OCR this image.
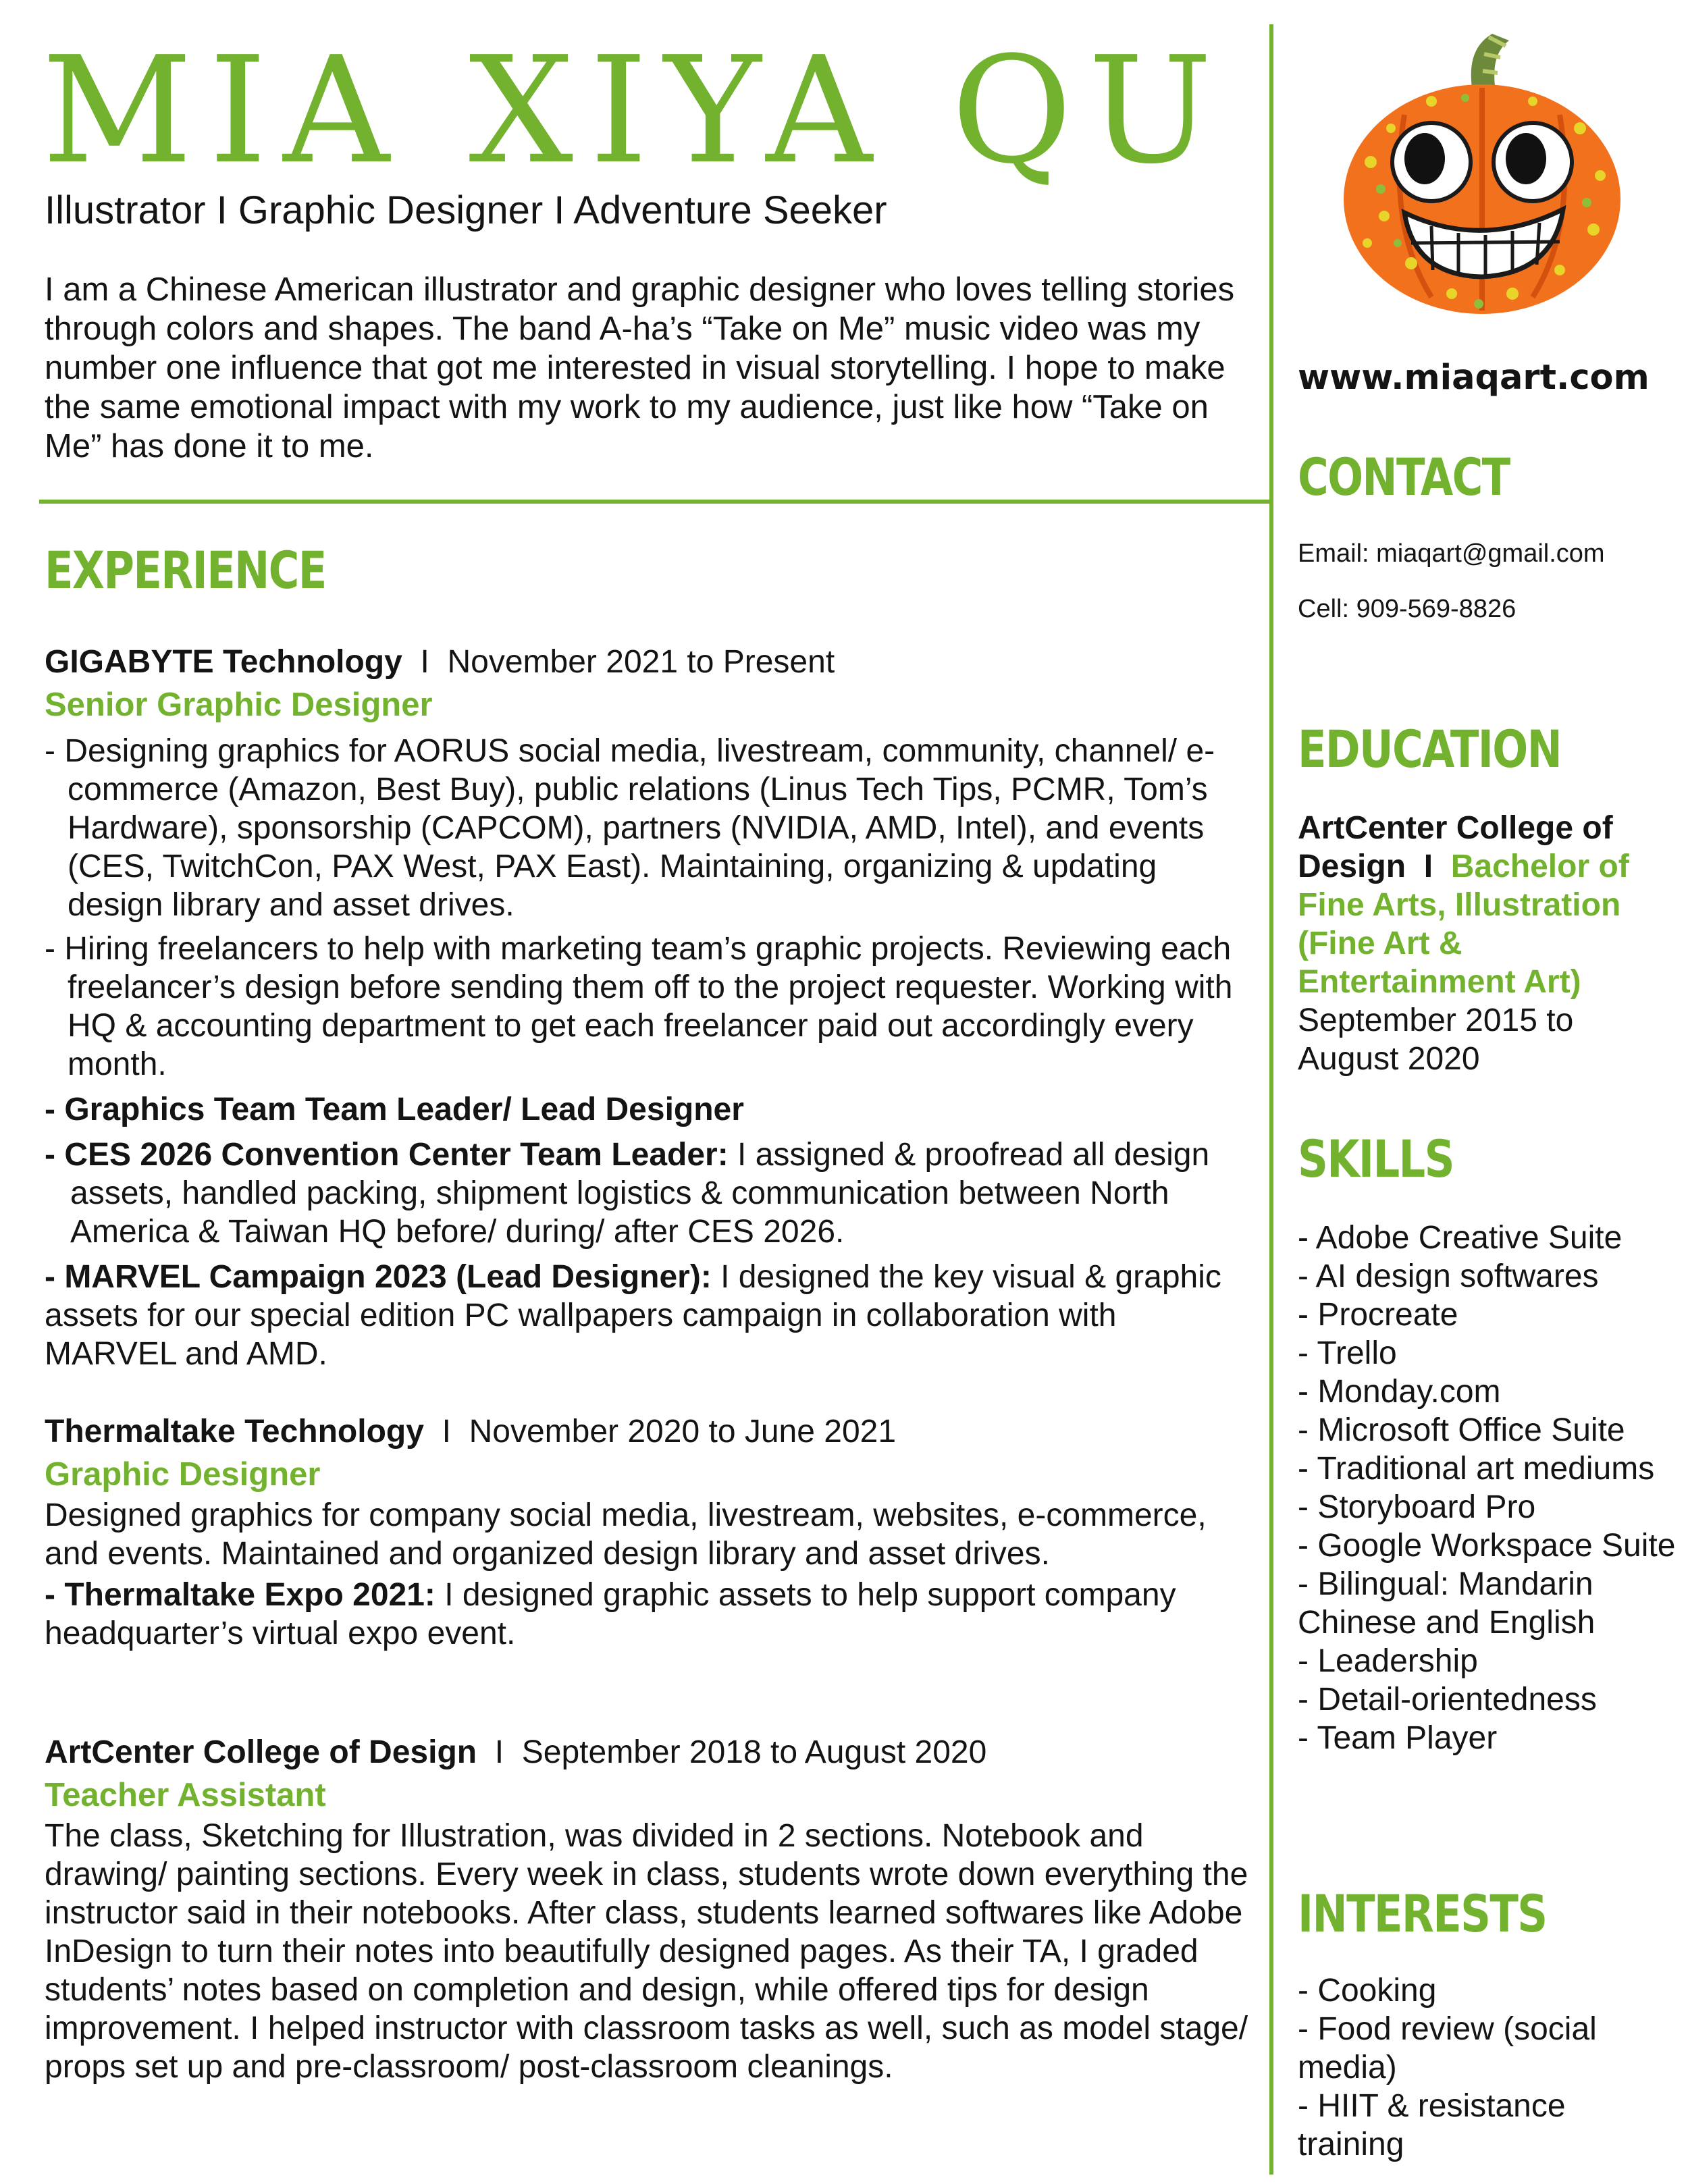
MIA XIYA QU
Illustrator I Graphic Designer I Adventure Seeker

I am a Chinese American illustrator and graphic designer who loves telling stories through colors and shapes. The band A-ha’s “Take on Me” music video was my number one influence that got me interested in visual storytelling. I hope to make the same emotional impact with my work to my audience, just like how “Take on Me” has done it to me.

EXPERIENCE
GIGABYTE Technology  I  November 2021 to Present
Senior Graphic Designer

- Designing graphics for AORUS social media, livestream, community, channel/ e-commerce (Amazon, Best Buy), public relations (Linus Tech Tips, PCMR, Tom’s Hardware), sponsorship (CAPCOM), partners (NVIDIA, AMD, Intel), and events (CES, TwitchCon, PAX West, PAX East). Maintaining, organizing & updating design library and asset drives.

- Hiring freelancers to help with marketing team’s graphic projects. Reviewing each freelancer’s design before sending them off to the project requester. Working with HQ & accounting department to get each freelancer paid out accordingly every month.

- Graphics Team Team Leader/ Lead Designer

- CES 2026 Convention Center Team Leader: I assigned & proofread all design assets, handled packing, shipment logistics & communication between North America & Taiwan HQ before/ during/ after CES 2026.

- MARVEL Campaign 2023 (Lead Designer): I designed the key visual & graphic assets for our special edition PC wallpapers campaign in collaboration with MARVEL and AMD.

Thermaltake Technology  I  November 2020 to June 2021
Graphic Designer

Designed graphics for company social media, livestream, websites, e-commerce, and events. Maintained and organized design library and asset drives.

- Thermaltake Expo 2021: I designed graphic assets to help support company headquarter’s virtual expo event.

ArtCenter College of Design  I  September 2018 to August 2020
Teacher Assistant

The class, Sketching for Illustration, was divided in 2 sections. Notebook and drawing/ painting sections. Every week in class, students wrote down everything the instructor said in their notebooks. After class, students learned softwares like Adobe InDesign to turn their notes into beautifully designed pages. As their TA, I graded students’ notes based on completion and design, while offered tips for design improvement. I helped instructor with classroom tasks as well, such as model stage/ props set up and pre-classroom/ post-classroom cleanings.

www.miaqart.com
CONTACT
Email: miaqart@gmail.com
Cell: 909-569-8826
EDUCATION
ArtCenter College of Design  I  Bachelor of Fine Arts, Illustration (Fine Art & Entertainment Art)
September 2015 to August 2020
SKILLS
- Adobe Creative Suite
- AI design softwares
- Procreate
- Trello
- Monday.com
- Microsoft Office Suite
- Traditional art mediums
- Storyboard Pro
- Google Workspace Suite
- Bilingual: Mandarin Chinese and English
- Leadership
- Detail-orientedness
- Team Player
INTERESTS
- Cooking
- Food review (social media)
- HIIT & resistance training
